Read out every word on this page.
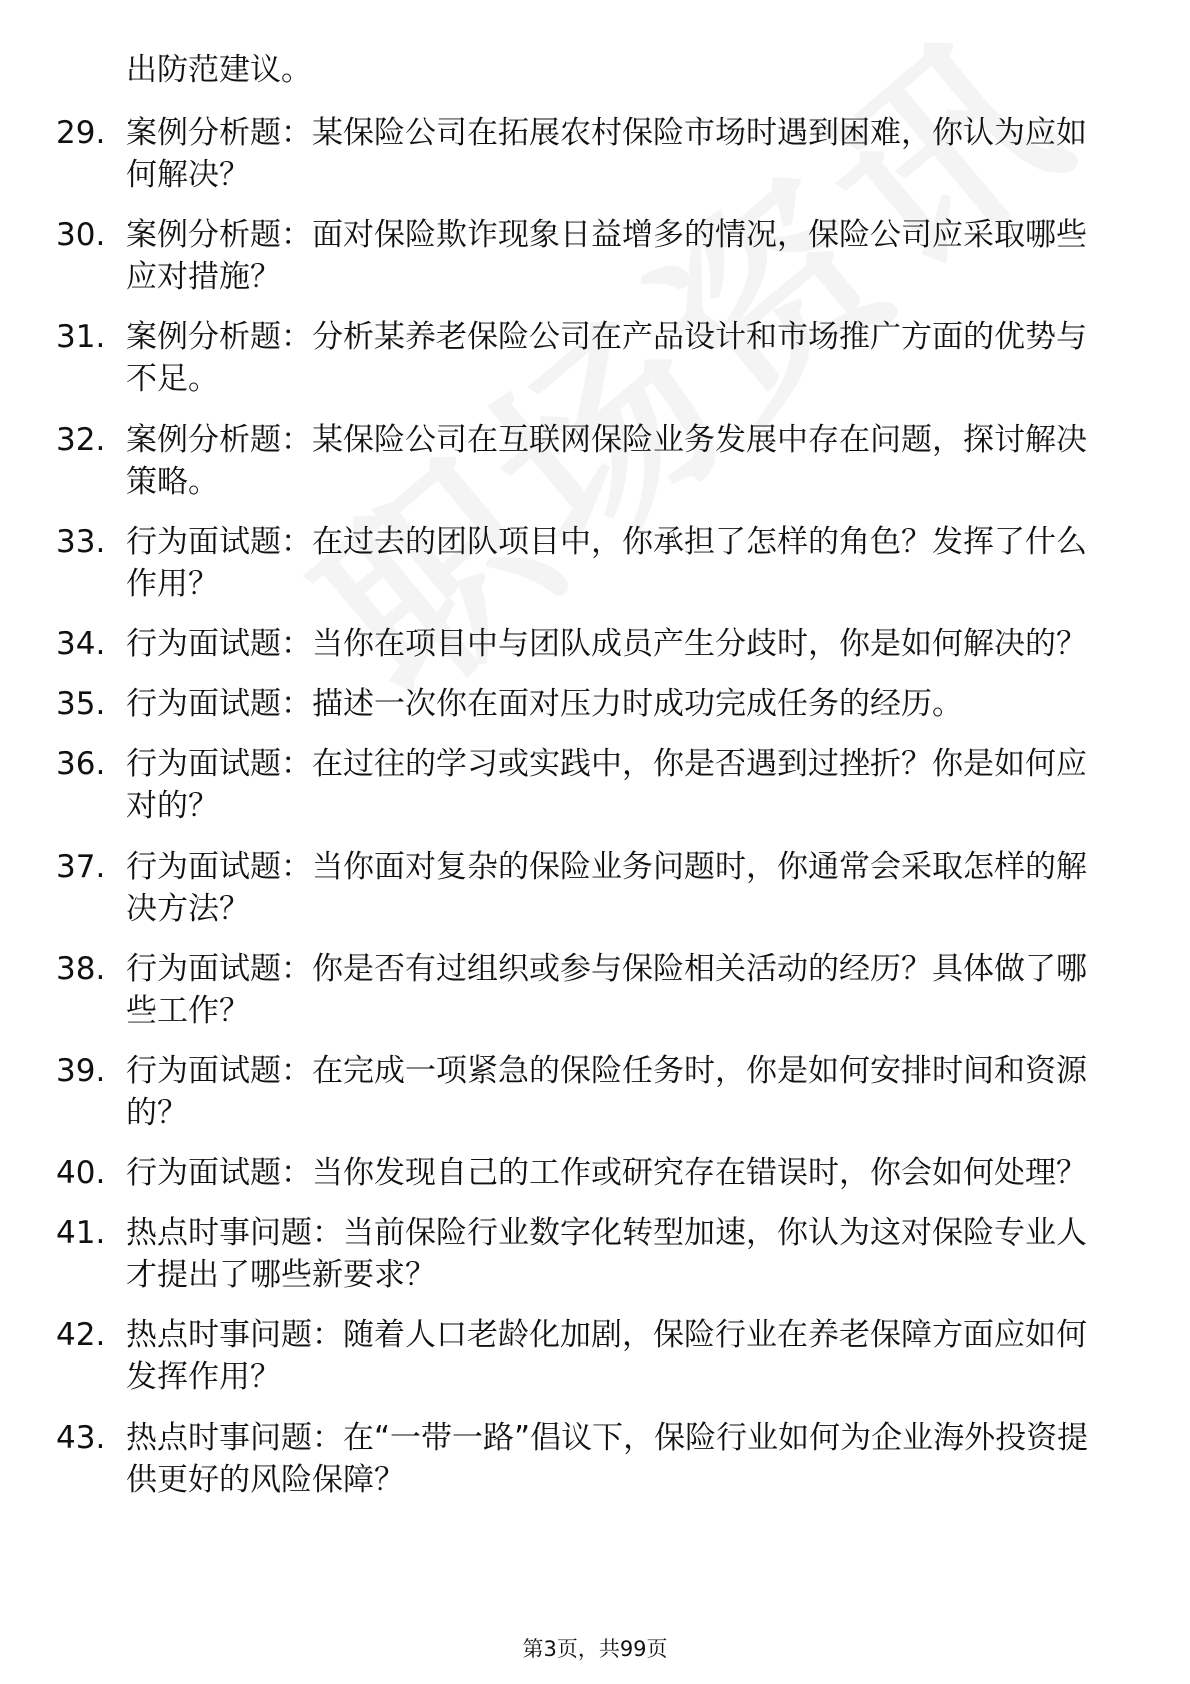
出防范建议。
29. 案例分析题：某保险公司在拓展农村保险市场时遇到困难，你认为应如何解决？
30. 案例分析题：面对保险欺诈现象日益增多的情况，保险公司应采取哪些应对措施？
31. 案例分析题：分析某养老保险公司在产品设计和市场推广方面的优势与不足。
32. 案例分析题：某保险公司在互联网保险业务发展中存在问题，探讨解决策略。
33. 行为面试题：在过去的团队项目中，你承担了怎样的角色？发挥了什么作用？
34. 行为面试题：当你在项目中与团队成员产生分歧时，你是如何解决的？
35. 行为面试题：描述一次你在面对压力时成功完成任务的经历。
36. 行为面试题：在过往的学习或实践中，你是否遇到过挫折？你是如何应对的？
37. 行为面试题：当你面对复杂的保险业务问题时，你通常会采取怎样的解决方法？
38. 行为面试题：你是否有过组织或参与保险相关活动的经历？具体做了哪些工作？
39. 行为面试题：在完成一项紧急的保险任务时，你是如何安排时间和资源的？
40. 行为面试题：当你发现自己的工作或研究存在错误时，你会如何处理？
41. 热点时事问题：当前保险行业数字化转型加速，你认为这对保险专业人才提出了哪些新要求？
42. 热点时事问题：随着人口老龄化加剧，保险行业在养老保障方面应如何发挥作用？
43. 热点时事问题：在“一带一路”倡议下，保险行业如何为企业海外投资提供更好的风险保障？
第3页，共99页
